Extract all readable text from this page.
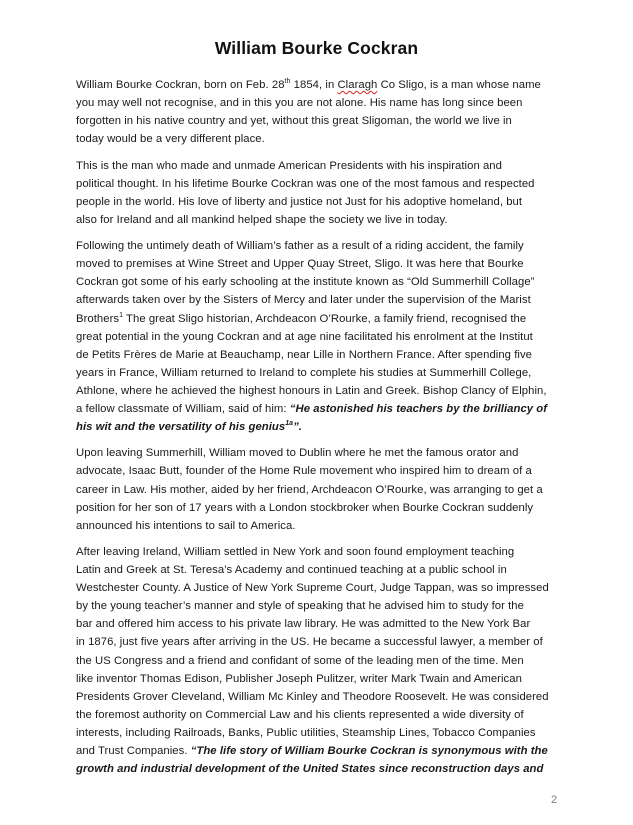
William Bourke Cockran
William Bourke Cockran, born on Feb. 28th 1854, in Claragh Co Sligo, is a man whose name
you may well not recognise, and in this you are not alone. His name has long since been
forgotten in his native country and yet, without this great Sligoman, the world we live in
today would be a very different place.
This is the man who made and unmade American Presidents with his inspiration and
political thought. In his lifetime Bourke Cockran was one of the most famous and respected
people in the world. His love of liberty and justice not Just for his adoptive homeland, but
also for Ireland and all mankind helped shape the society we live in today.
Following the untimely death of William’s father as a result of a riding accident, the family
moved to premises at Wine Street and Upper Quay Street, Sligo. It was here that Bourke
Cockran got some of his early schooling at the institute known as “Old Summerhill Collage”
afterwards taken over by the Sisters of Mercy and later under the supervision of the Marist
Brothers$^1$ The great Sligo historian, Archdeacon O’Rourke, a family friend, recognised the
great potential in the young Cockran and at age nine facilitated his enrolment at the Institut
de Petits Frères de Marie at Beauchamp, near Lille in Northern France. After spending five
years in France, William returned to Ireland to complete his studies at Summerhill College,
Athlone, where he achieved the highest honours in Latin and Greek. Bishop Clancy of Elphin,
a fellow classmate of William, said of him: “He astonished his teachers by the brilliancy of
his wit and the versatility of his genius$^{1a}$”.
Upon leaving Summerhill, William moved to Dublin where he met the famous orator and
advocate, Isaac Butt, founder of the Home Rule movement who inspired him to dream of a
career in Law. His mother, aided by her friend, Archdeacon O’Rourke, was arranging to get a
position for her son of 17 years with a London stockbroker when Bourke Cockran suddenly
announced his intentions to sail to America.
After leaving Ireland, William settled in New York and soon found employment teaching
Latin and Greek at St. Teresa’s Academy and continued teaching at a public school in
Westchester County. A Justice of New York Supreme Court, Judge Tappan, was so impressed
by the young teacher’s manner and style of speaking that he advised him to study for the
bar and offered him access to his private law library. He was admitted to the New York Bar
in 1876, just five years after arriving in the US. He became a successful lawyer, a member of
the US Congress and a friend and confidant of some of the leading men of the time. Men
like inventor Thomas Edison, Publisher Joseph Pulitzer, writer Mark Twain and American
Presidents Grover Cleveland, William Mc Kinley and Theodore Roosevelt. He was considered
the foremost authority on Commercial Law and his clients represented a wide diversity of
interests, including Railroads, Banks, Public utilities, Steamship Lines, Tobacco Companies
and Trust Companies. “The life story of William Bourke Cockran is synonymous with the
growth and industrial development of the United States since reconstruction days and
2
